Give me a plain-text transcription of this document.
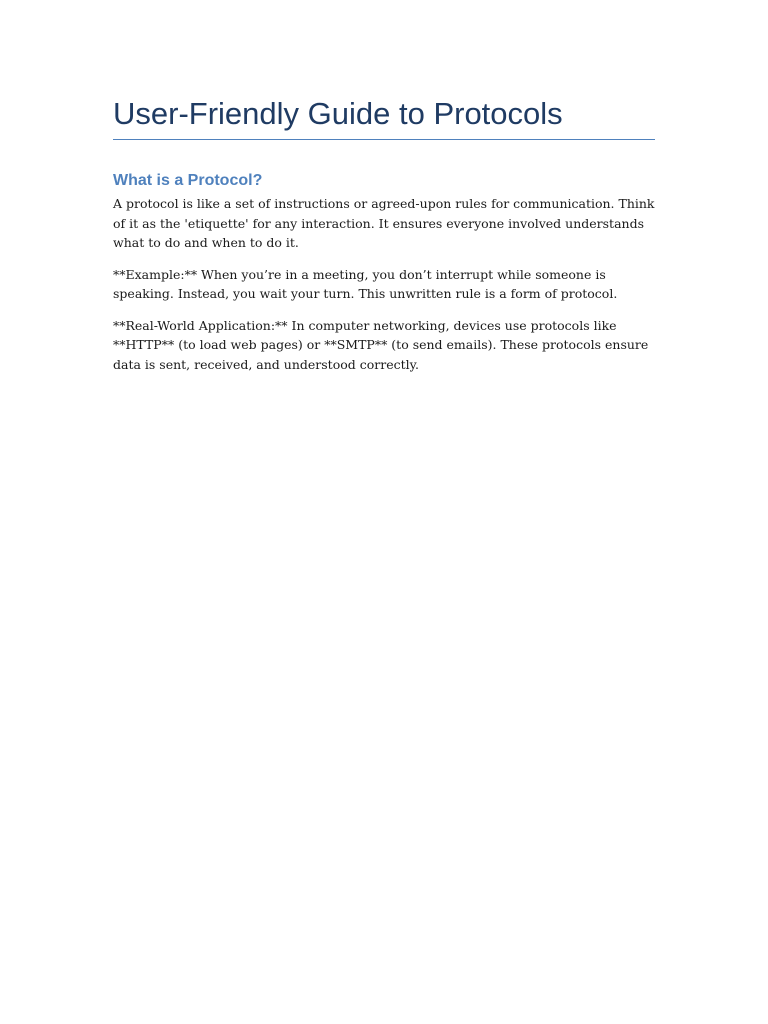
User-Friendly Guide to Protocols
What is a Protocol?

A protocol is like a set of instructions or agreed-upon rules for communication. Think of it as the 'etiquette' for any interaction. It ensures everyone involved understands what to do and when to do it.

**Example:** When you’re in a meeting, you don’t interrupt while someone is speaking. Instead, you wait your turn. This unwritten rule is a form of protocol.

**Real-World Application:** In computer networking, devices use protocols like **HTTP** (to load web pages) or **SMTP** (to send emails). These protocols ensure data is sent, received, and understood correctly.
